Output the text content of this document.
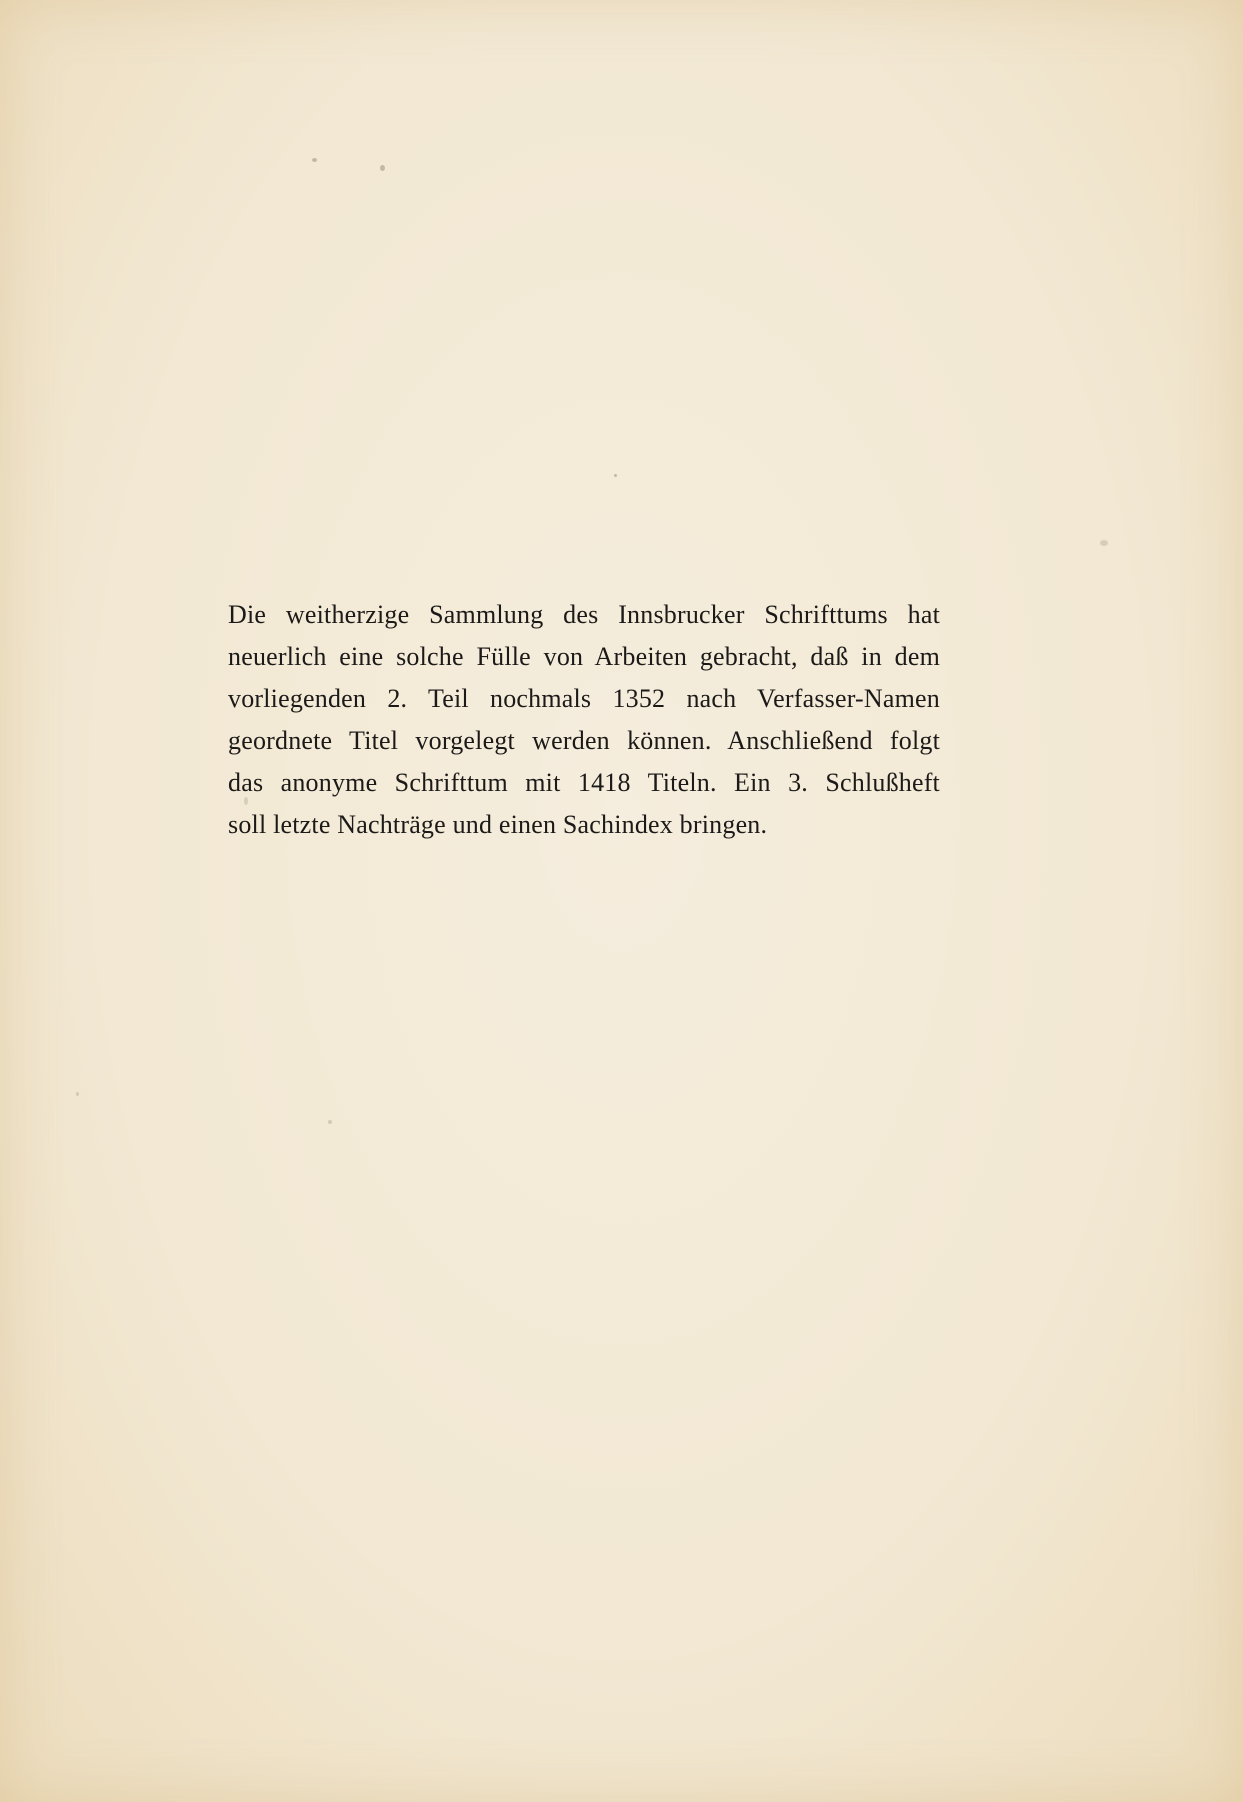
Die weitherzige Sammlung des Innsbrucker Schrifttums hat
neuerlich eine solche Fülle von Arbeiten gebracht, daß in dem
vorliegenden 2. Teil nochmals 1352 nach Verfasser-Namen
geordnete Titel vorgelegt werden können. Anschließend folgt
das anonyme Schrifttum mit 1418 Titeln. Ein 3. Schlußheft
soll letzte Nachträge und einen Sachindex bringen.
